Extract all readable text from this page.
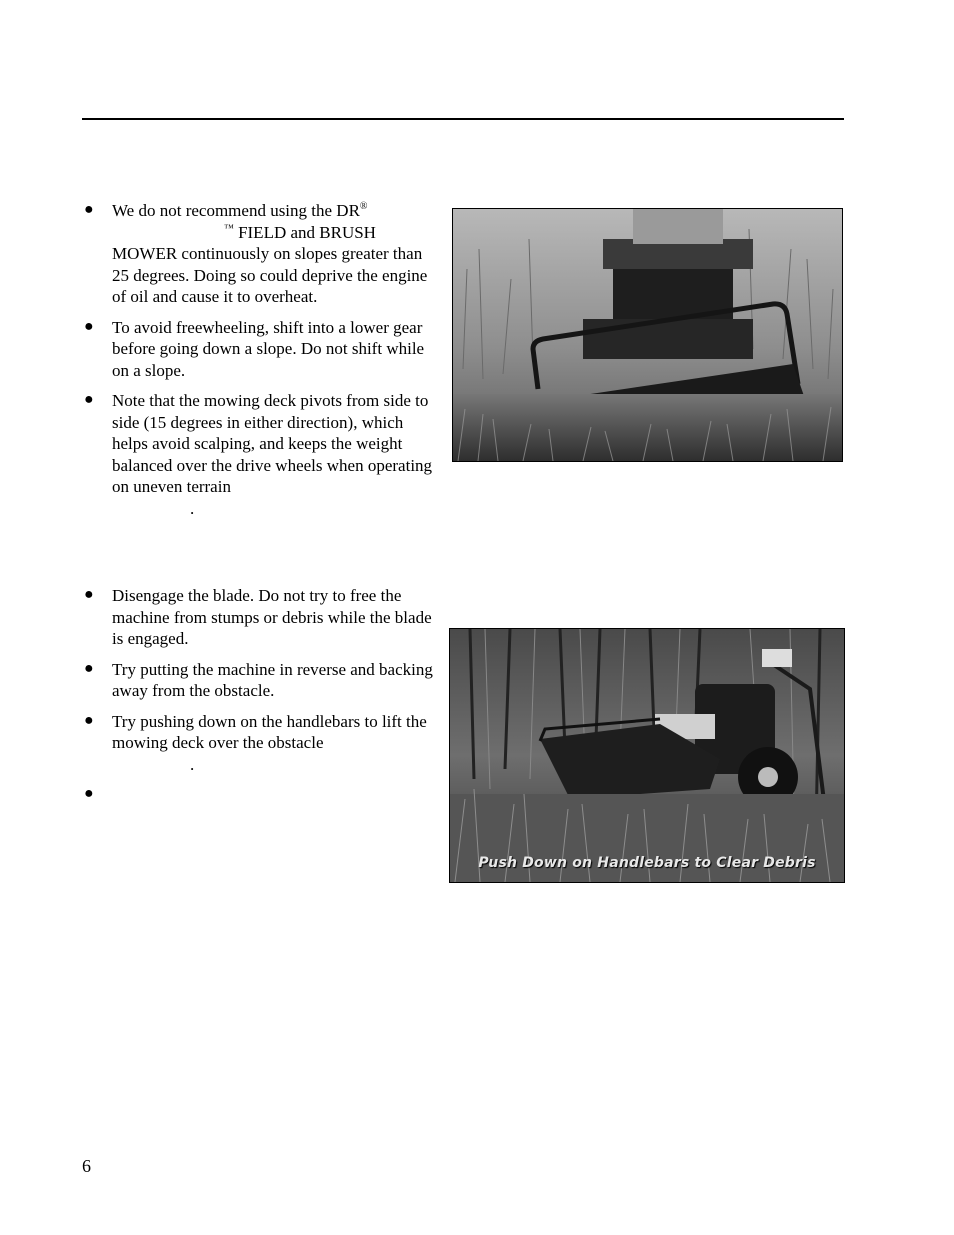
● We do not recommend using the DR®
™ FIELD and BRUSH MOWER continuously on slopes greater than 25 degrees. Doing so could deprive the engine of oil and cause it to overheat.
● To avoid freewheeling, shift into a lower gear before going down a slope. Do not shift while on a slope.
● Note that the mowing deck pivots from side to side (15 degrees in either direction), which helps avoid scalping, and keeps the weight balanced over the drive wheels when operating on uneven terrain
.
● Disengage the blade. Do not try to free the machine from stumps or debris while the blade is engaged.
● Try putting the machine in reverse and backing away from the obstacle.
● Try pushing down on the handlebars to lift the mowing deck over the obstacle
.
●

Push Down on Handlebars to Clear Debris
6
